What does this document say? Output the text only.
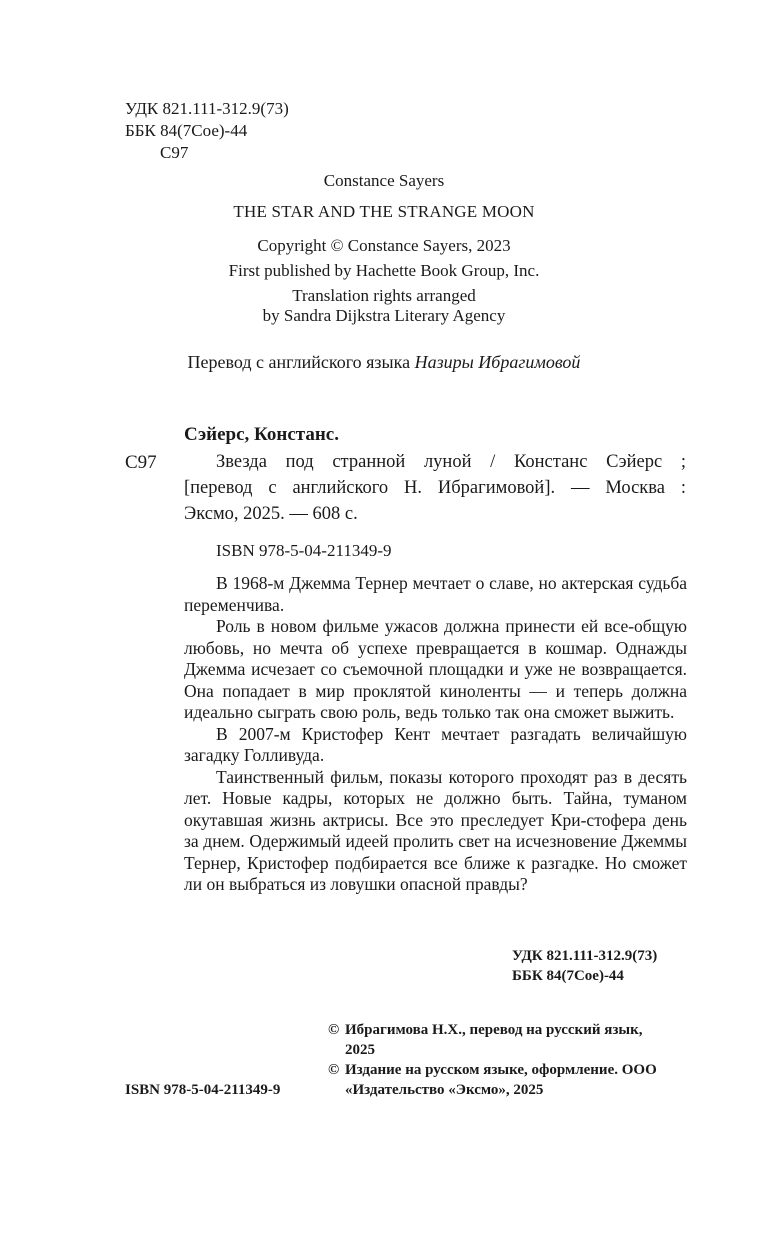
УДК 821.111-312.9(73)
ББК 84(7Сое)-44
С97
Constance Sayers
THE STAR AND THE STRANGE MOON
Copyright © Constance Sayers, 2023
First published by Hachette Book Group, Inc.
Translation rights arranged
by Sandra Dijkstra Literary Agency
Перевод с английского языка Назиры Ибрагимовой
Сэйерс, Констанс.
С97	Звезда под странной луной / Констанс Сэйерс ;
[перевод с английского Н. Ибрагимовой]. — Москва :
Эксмо, 2025. — 608 с.
ISBN 978-5-04-211349-9

В 1968-м Джемма Тернер мечтает о славе, но актерская судьба переменчива.

Роль в новом фильме ужасов должна принести ей все-общую любовь, но мечта об успехе превращается в кошмар. Однажды Джемма исчезает со съемочной площадки и уже не возвращается. Она попадает в мир проклятой киноленты — и теперь должна идеально сыграть свою роль, ведь только так она сможет выжить.

В 2007-м Кристофер Кент мечтает разгадать величайшую загадку Голливуда.

Таинственный фильм, показы которого проходят раз в десять лет. Новые кадры, которых не должно быть. Тайна, туманом окутавшая жизнь актрисы. Все это преследует Кри-стофера день за днем. Одержимый идеей пролить свет на исчезновение Джеммы Тернер, Кристофер подбирается все ближе к разгадке. Но сможет ли он выбраться из ловушки опасной правды?

УДК 821.111-312.9(73)
ББК 84(7Сое)-44
© Ибрагимова Н.Х., перевод на русский язык, 2025
© Издание на русском языке, оформление. ООО «Издательство «Эксмо», 2025
ISBN 978-5-04-211349-9
